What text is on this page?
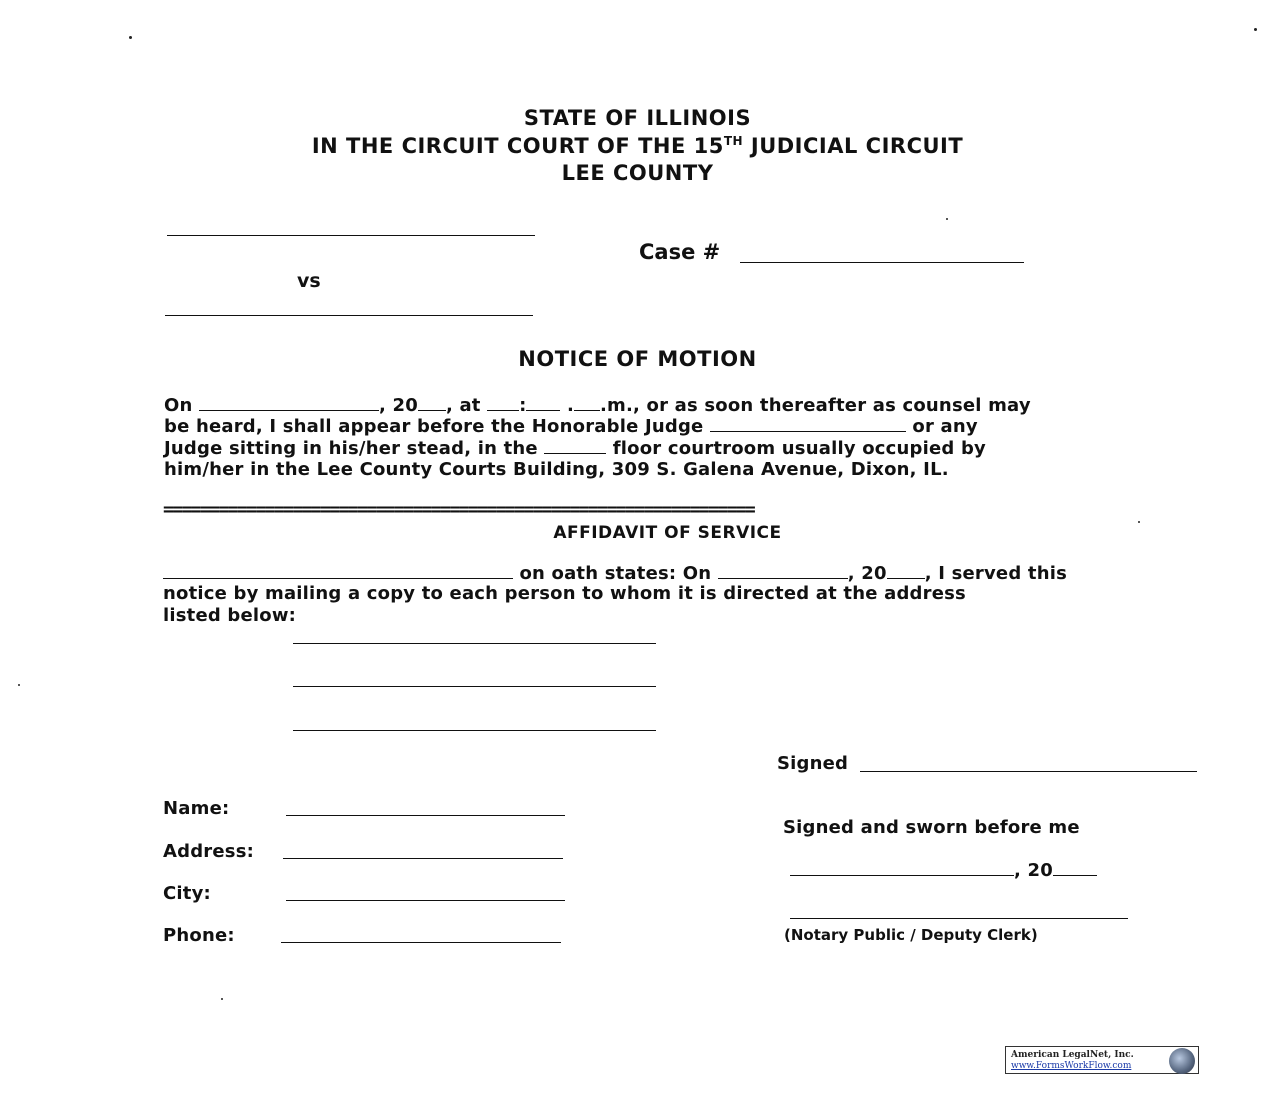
STATE OF ILLINOIS
IN THE CIRCUIT COURT OF THE 15TH JUDICIAL CIRCUIT
LEE COUNTY
Case #
vs
NOTICE OF MOTION
On	, 20 , at : . .m., or as soon thereafter as counsel may
be heard, I shall appear before the Honorable Judge	or any
Judge sitting in his/her stead, in the	floor courtroom usually occupied by
him/her in the Lee County Courts Building, 309 S. Galena Avenue, Dixon, IL.
================================================================
AFFIDAVIT OF SERVICE
on oath states: On	, 20 , I served this
notice by mailing a copy to each person to whom it is directed at the address
listed below:
Signed
Name:
Address:
City:
Phone:
Signed and sworn before me
, 20
(Notary Public / Deputy Clerk)
American LegalNet, Inc.
www.FormsWorkFlow.com
